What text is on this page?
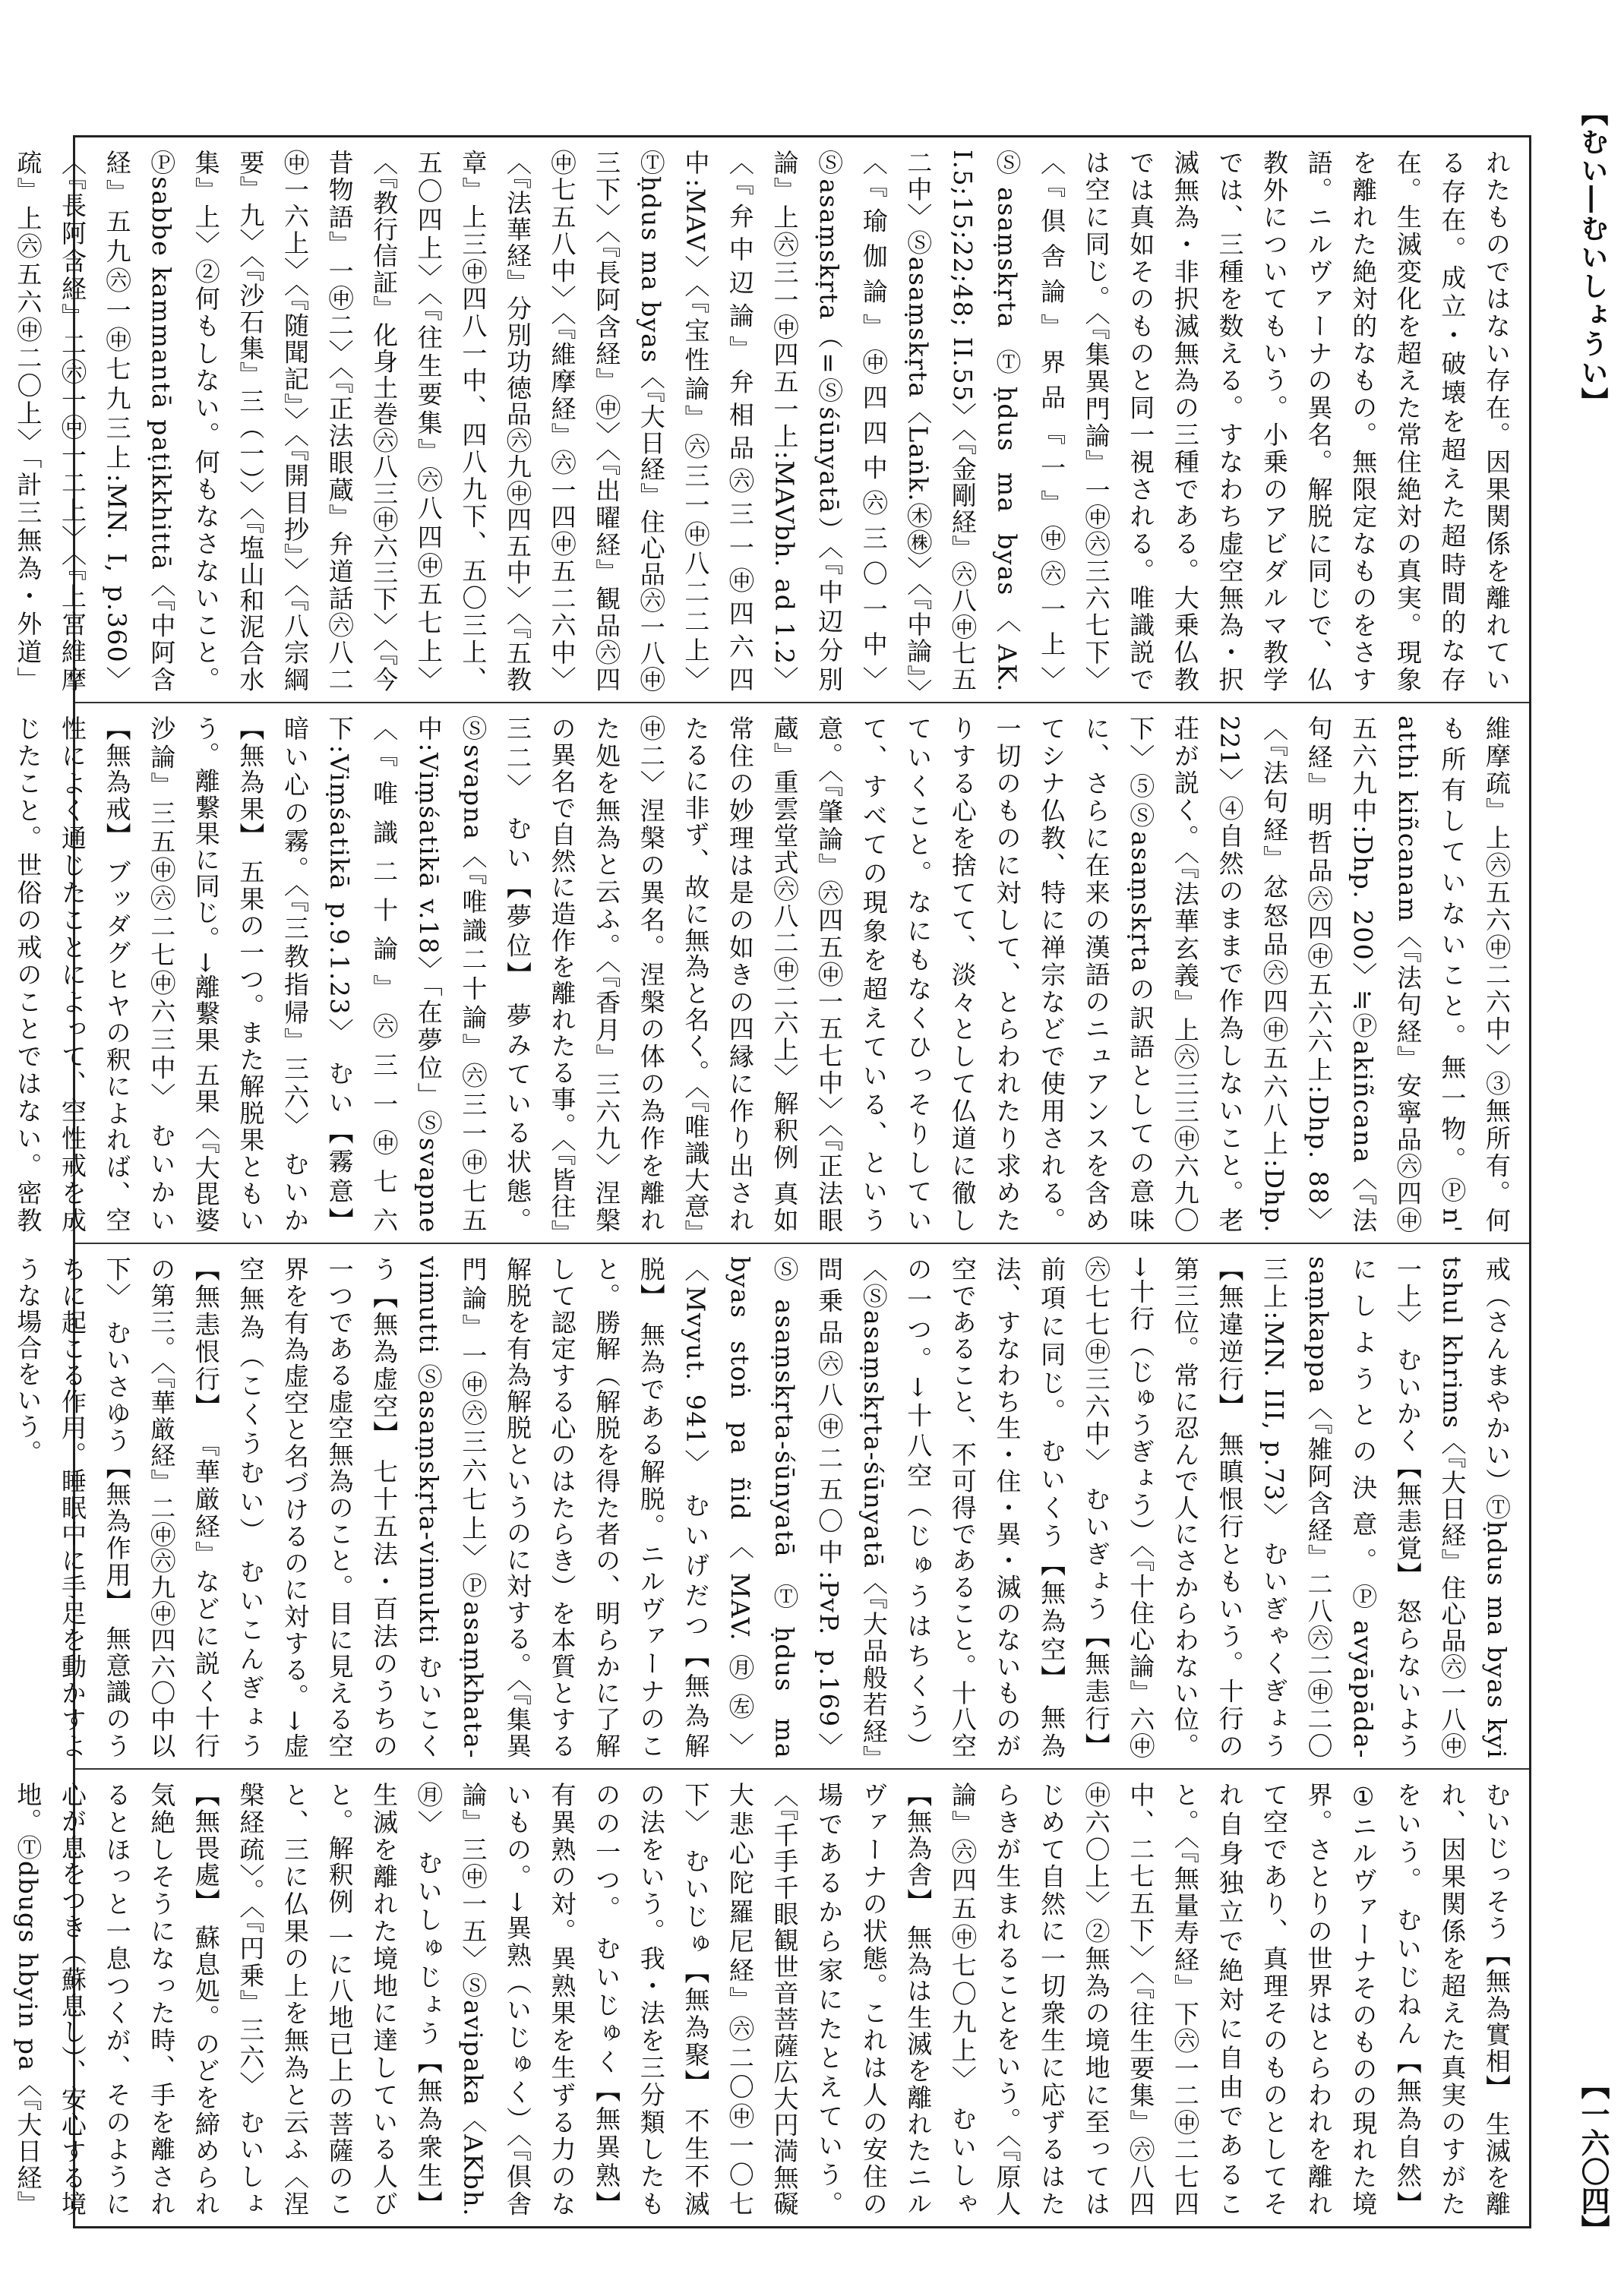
【むい―むいしょうい】
【一六〇四】
れたものではない存在。因果関係を離れている存在。成立・破壊を超えた超時間的な存在。生滅変化を超えた常住絶対の真実。現象を離れた絶対的なもの。無限定なものをさす語。ニルヴァーナの異名。解脱に同じで、仏教外についてもいう。小乗のアビダルマ教学では、三種を数える。すなわち虚空無為・択滅無為・非択滅無為の三種である。大乗仏教では真如そのものと同一視される。唯識説では空に同じ。〈『集異門論』一㊥㊅三六七下〉〈『倶舎論』界品『一』㊥㊅一上〉Ⓢasaṃskṛta Ⓣḥdus ma byas〈AK. I.5;15;22;48; II.55〉〈『金剛経』㊅八㊥七五二中〉Ⓢasaṃskṛta〈Laṅk.㊍㊑〉〈『中論』〉〈『瑜伽論』㊥四四中㊅三〇一中〉Ⓢasaṃskṛta（=Ⓢśūnyatā）〈『中辺分別論』上㊅三一㊥四五一上:MAVbh. ad 1.2〉〈『弁中辺論』弁相品㊅三一㊥四六四中:MAV〉〈『宝性論』㊅三一㊥八二二上〉Ⓣḥdus ma byas〈『大日経』住心品㊅一八㊥三下〉〈『長阿含経』㊥〉〈『出曜経』観品㊅四㊥七五八中〉〈『維摩経』㊅一四㊥五二六中〉〈『法華経』分別功徳品㊅九㊥四五中〉〈『五教章』上三㊥四八一中、四八九下、五〇三上、五〇四上〉〈『往生要集』㊅八四㊥五七上〉〈『教行信証』化身土巻㊅八三㊥六三下〉〈『今昔物語』一㊥二〉〈『正法眼蔵』弁道話㊅八二㊥一六上〉〈『随聞記』〉〈『開目抄』〉〈『八宗綱要』九〉〈『沙石集』三（一）〉〈『塩山和泥合水集』上〉②何もしない。何もなさないこと。Ⓟsabbe kammantā paṭikkhittā〈『中阿含経』五九㊅一㊥七九三上:MN. I, p.360〉〈『長阿含経』二㊅一㊥一二上〉〈『上宮維摩疏』上㊅五六㊥二〇上〉「計三無為・外道」
維摩疏』上㊅五六㊥二六中〉③無所有。何も所有していないこと。無一物。Ⓟn' atthi kiñcanam〈『法句経』安寧品㊅四㊥五六九中:Dhp. 200〉≒Ⓟakiñcana〈『法句経』明哲品㊅四㊥五六六上:Dhp. 88〉〈『法句経』忿怒品㊅四㊥五六八上:Dhp. 221〉④自然のままで作為しないこと。老荘が説く。〈『法華玄義』上㊅三三㊥六九〇下〉⑤Ⓢasaṃskṛtaの訳語としての意味に、さらに在来の漢語のニュアンスを含めてシナ仏教、特に禅宗などで使用される。一切のものに対して、とらわれたり求めたりする心を捨てて、淡々として仏道に徹していくこと。なにもなくひっそりしていて、すべての現象を超えている、という意。〈『肇論』㊅四五㊥一五七中〉〈『正法眼蔵』重雲堂式㊅八二㊥二六上〉解釈例 真如常住の妙理は是の如きの四縁に作り出されたるに非ず、故に無為と名く。〈『唯識大意』㊥二〉涅槃の異名。涅槃の体の為作を離れた処を無為と云ふ。〈『香月』三六九〉涅槃の異名で自然に造作を離れたる事。〈『皆往』三二〉 むい【夢位】 夢みている状態。Ⓢsvapna〈『唯識二十論』㊅三一㊥七五中:Viṃśatikā v.18〉「在夢位」Ⓢsvapne〈『唯識二十論』㊅三一㊥七六下:Viṃśatikā p.9.1.23〉 むい【霧意】 暗い心の霧。〈『三教指帰』三六〉 むいか【無為果】 五果の一つ。また解脱果ともいう。離繋果に同じ。→離繋果 五果〈『大毘婆沙論』三五㊥㊅二七㊥六三中〉 むいかい【無為戒】 ブッダグヒヤの釈によれば、空性によく通じたことによって、空性戒を成じたこと。世俗の戒のことではない。密教
戒（さんまやかい）Ⓣḥdus ma byas kyi tshul khrims〈『大日経』住心品㊅一八㊥一上〉 むいかく【無恚覚】 怒らないようにしようとの決意。Ⓟavyāpāda-saṃkappa〈『雑阿含経』二八㊅二㊥二〇三上:MN. III, p.73〉 むいぎゃくぎょう【無違逆行】 無瞋恨行ともいう。十行の第三位。常に忍んで人にさからわない位。→十行（じゅうぎょう）〈『十住心論』六㊥㊅七七㊥三六中〉 むいぎょう【無恚行】 前項に同じ。 むいくう【無為空】 無為法、すなわち生・住・異・滅のないものが空であること、不可得であること。十八空の一つ。→十八空（じゅうはちくう）〈Ⓢasaṃskṛta-śūnyatā〈『大品般若経』問乗品㊅八㊥二五〇中:PvP. p.169〉Ⓢasaṃskṛta-śūnyatā Ⓣḥdus ma byas stoṅ pa ñid〈MAV.㊊㊧〉〈Mvyut. 941〉 むいげだつ【無為解脱】 無為である解脱。ニルヴァーナのこと。勝解（解脱を得た者の、明らかに了解して認定する心のはたらき）を本質とする解脱を有為解脱というのに対する。〈『集異門論』一㊥㊅三六七上〉Ⓟasaṃkhata-vimutti Ⓢasaṃskṛta-vimukti むいこくう【無為虚空】 七十五法・百法のうちの一つである虚空無為のこと。目に見える空界を有為虚空と名づけるのに対する。→虚空無為（こくうむい） むいこんぎょう【無恚恨行】 『華厳経』などに説く十行の第三。〈『華厳経』二㊥㊅九㊥四六〇中以下〉 むいさゆう【無為作用】 無意識のうちに起こる作用。睡眠中に手足を動かすような場合をいう。
むいじっそう【無為實相】 生滅を離れ、因果関係を超えた真実のすがたをいう。 むいじねん【無為自然】 ①ニルヴァーナそのものの現れた境界。さとりの世界はとらわれを離れて空であり、真理そのものとしてそれ自身独立で絶対に自由であること。〈『無量寿経』下㊅一二㊥二七四中、二七五下〉〈『往生要集』㊅八四㊥六〇上〉②無為の境地に至ってはじめて自然に一切衆生に応ずるはたらきが生まれることをいう。〈『原人論』㊅四五㊥七〇九上〉 むいしゃ【無為舎】 無為は生滅を離れたニルヴァーナの状態。これは人の安住の場であるから家にたとえていう。〈『千手千眼観世音菩薩広大円満無礙大悲心陀羅尼経』㊅二〇㊥一〇七下〉 むいじゅ【無為聚】 不生不滅の法をいう。我・法を三分類したものの一つ。 むいじゅく【無異熟】 有異熟の対。異熟果を生ずる力のないもの。→異熟（いじゅく）〈『倶舎論』三㊥一五〉Ⓢavipaka〈AKbh.㊊〉 むいしゅじょう【無為衆生】 生滅を離れた境地に達している人びと。解釈例 一に八地已上の菩薩のこと、三に仏果の上を無為と云ふ〈涅槃経疏〉。〈『円乗』三六〉 むいしょ【無畏處】 蘇息処。のどを締められ気絶しそうになった時、手を離されるとほっと一息つくが、そのように心が息をつき（蘇息し）、安心する境地。Ⓣdbugs hbyin pa〈『大日経』
